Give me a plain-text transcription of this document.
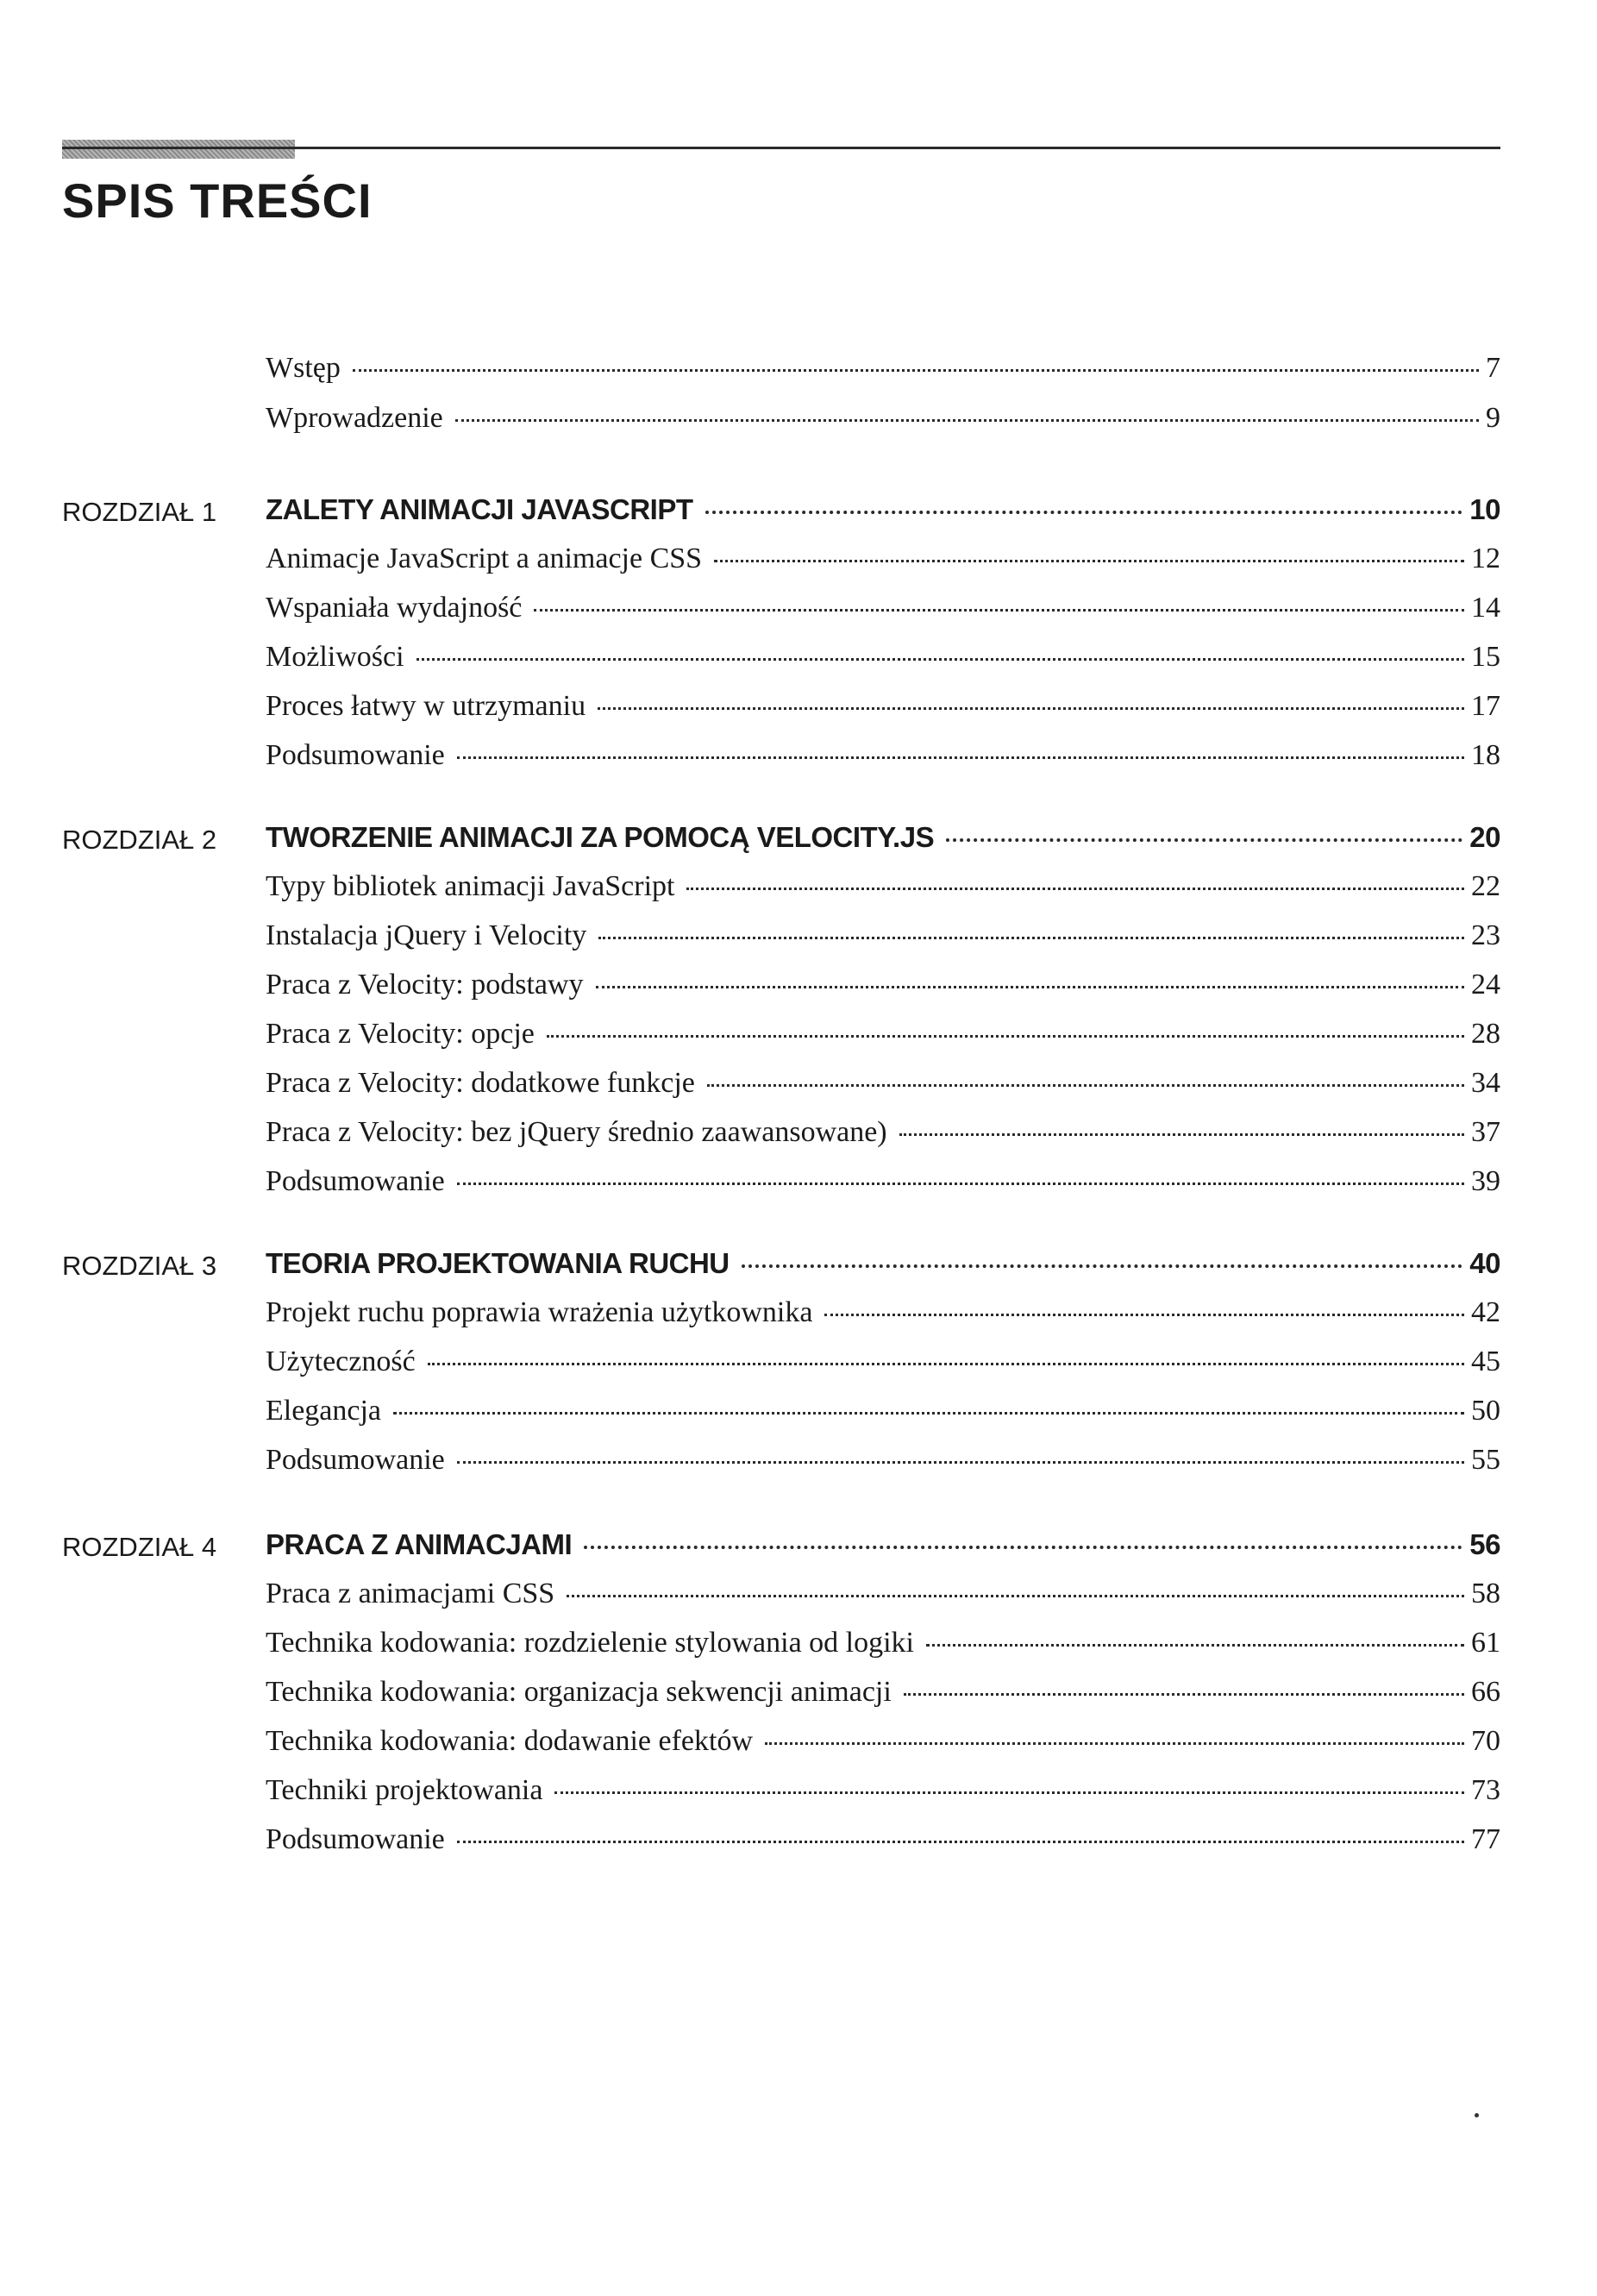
SPIS TREŚCI
Wstęp	7
Wprowadzenie	9
ROZDZIAŁ 1 ZALETY ANIMACJI JAVASCRIPT	10
Animacje JavaScript a animacje CSS	12
Wspaniała wydajność	14
Możliwości	15
Proces łatwy w utrzymaniu	17
Podsumowanie	18
ROZDZIAŁ 2 TWORZENIE ANIMACJI ZA POMOCĄ VELOCITY.JS	20
Typy bibliotek animacji JavaScript	22
Instalacja jQuery i Velocity	23
Praca z Velocity: podstawy	24
Praca z Velocity: opcje	28
Praca z Velocity: dodatkowe funkcje	34
Praca z Velocity: bez jQuery średnio zaawansowane)	37
Podsumowanie	39
ROZDZIAŁ 3 TEORIA PROJEKTOWANIA RUCHU	40
Projekt ruchu poprawia wrażenia użytkownika	42
Użyteczność	45
Elegancja	50
Podsumowanie	55
ROZDZIAŁ 4 PRACA Z ANIMACJAMI	56
Praca z animacjami CSS	58
Technika kodowania: rozdzielenie stylowania od logiki	61
Technika kodowania: organizacja sekwencji animacji	66
Technika kodowania: dodawanie efektów	70
Techniki projektowania	73
Podsumowanie	77
